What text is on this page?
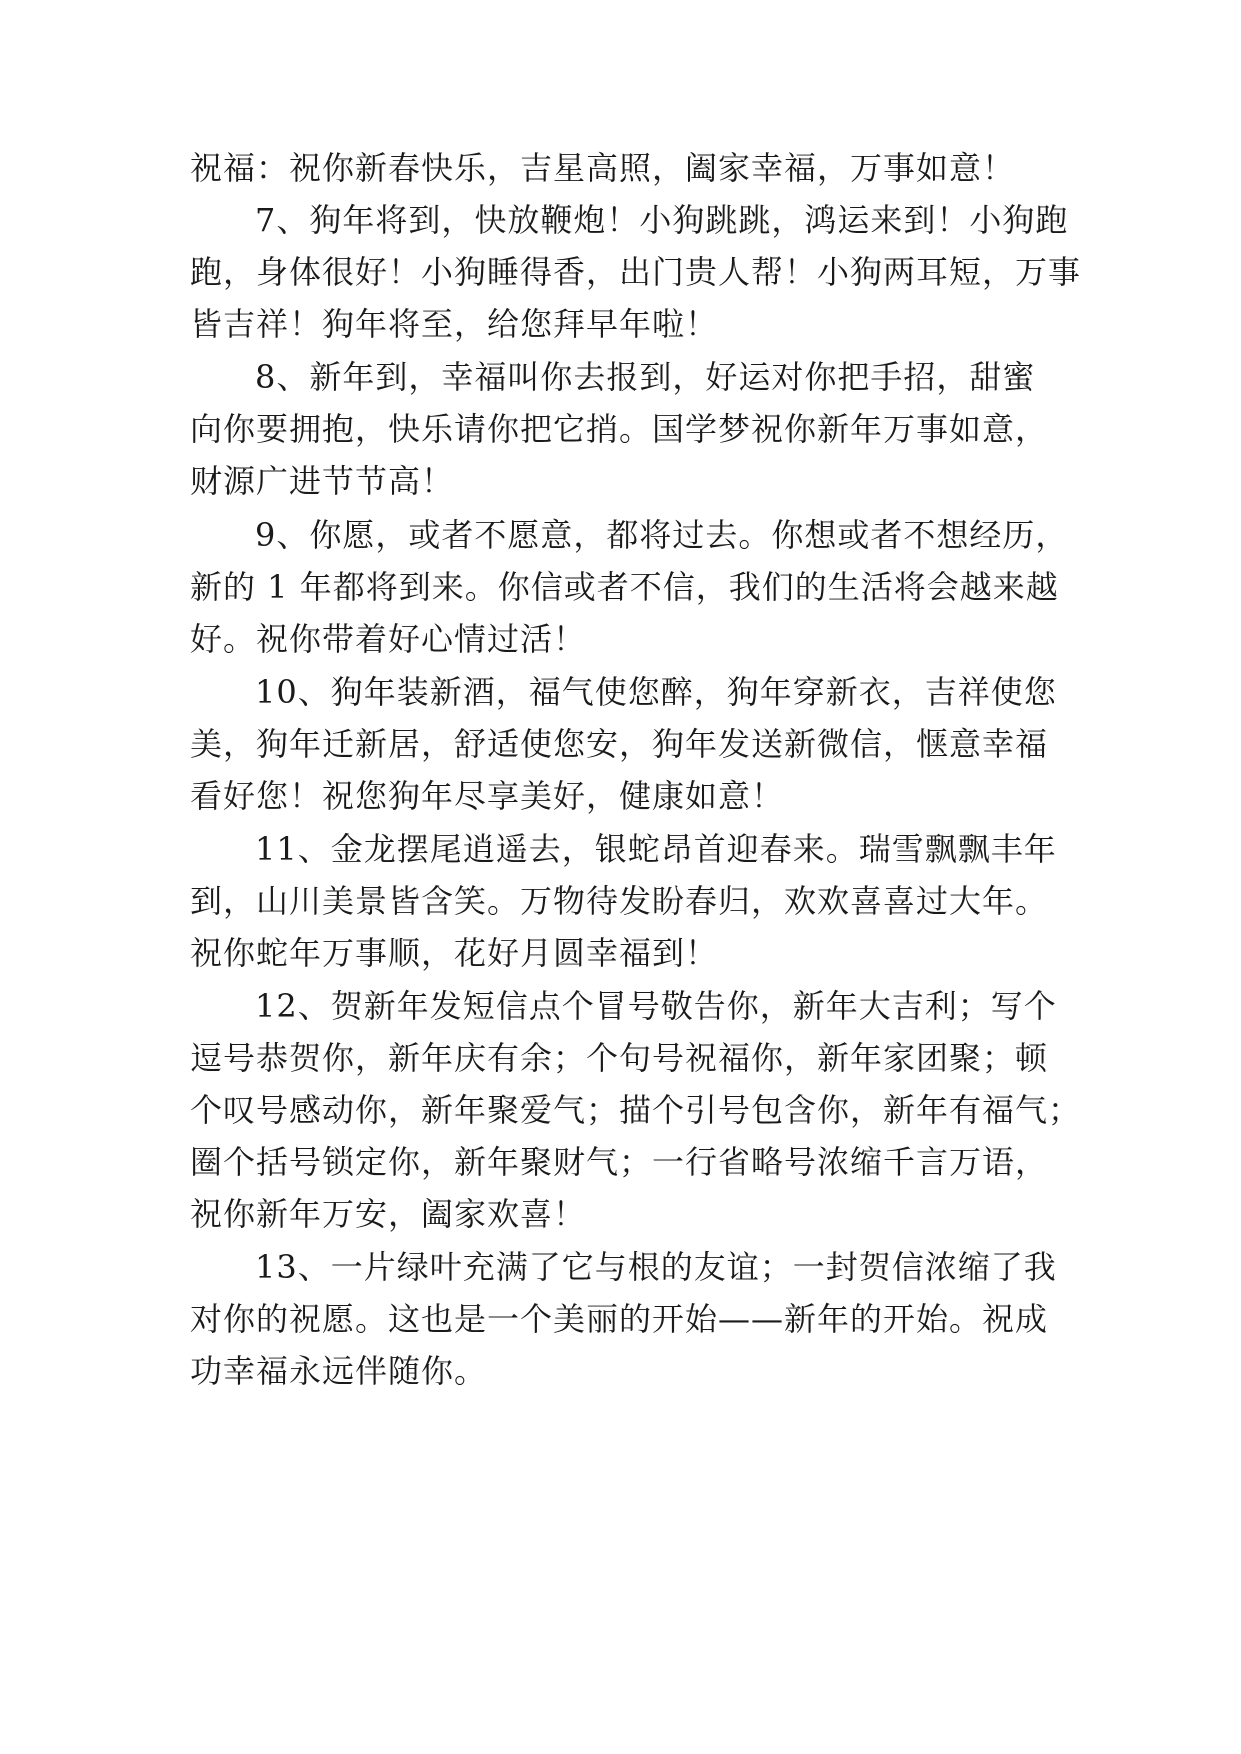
祝福：祝你新春快乐，吉星高照，阖家幸福，万事如意！
7、狗年将到，快放鞭炮！小狗跳跳，鸿运来到！小狗跑
跑，身体很好！小狗睡得香，出门贵人帮！小狗两耳短，万事
皆吉祥！狗年将至，给您拜早年啦！
8、新年到，幸福叫你去报到，好运对你把手招，甜蜜
向你要拥抱，快乐请你把它捎。国学梦祝你新年万事如意，
财源广进节节高！
9、你愿，或者不愿意，都将过去。你想或者不想经历，
新的 1 年都将到来。你信或者不信，我们的生活将会越来越
好。祝你带着好心情过活！
10、狗年装新酒，福气使您醉，狗年穿新衣，吉祥使您
美，狗年迁新居，舒适使您安，狗年发送新微信，惬意幸福
看好您！祝您狗年尽享美好，健康如意！
11、金龙摆尾逍遥去，银蛇昂首迎春来。瑞雪飘飘丰年
到，山川美景皆含笑。万物待发盼春归，欢欢喜喜过大年。
祝你蛇年万事顺，花好月圆幸福到！
12、贺新年发短信点个冒号敬告你，新年大吉利；写个
逗号恭贺你，新年庆有余；个句号祝福你，新年家团聚；顿
个叹号感动你，新年聚爱气；描个引号包含你，新年有福气；
圈个括号锁定你，新年聚财气；一行省略号浓缩千言万语，
祝你新年万安，阖家欢喜！
13、一片绿叶充满了它与根的友谊；一封贺信浓缩了我
对你的祝愿。这也是一个美丽的开始——新年的开始。祝成
功幸福永远伴随你。
